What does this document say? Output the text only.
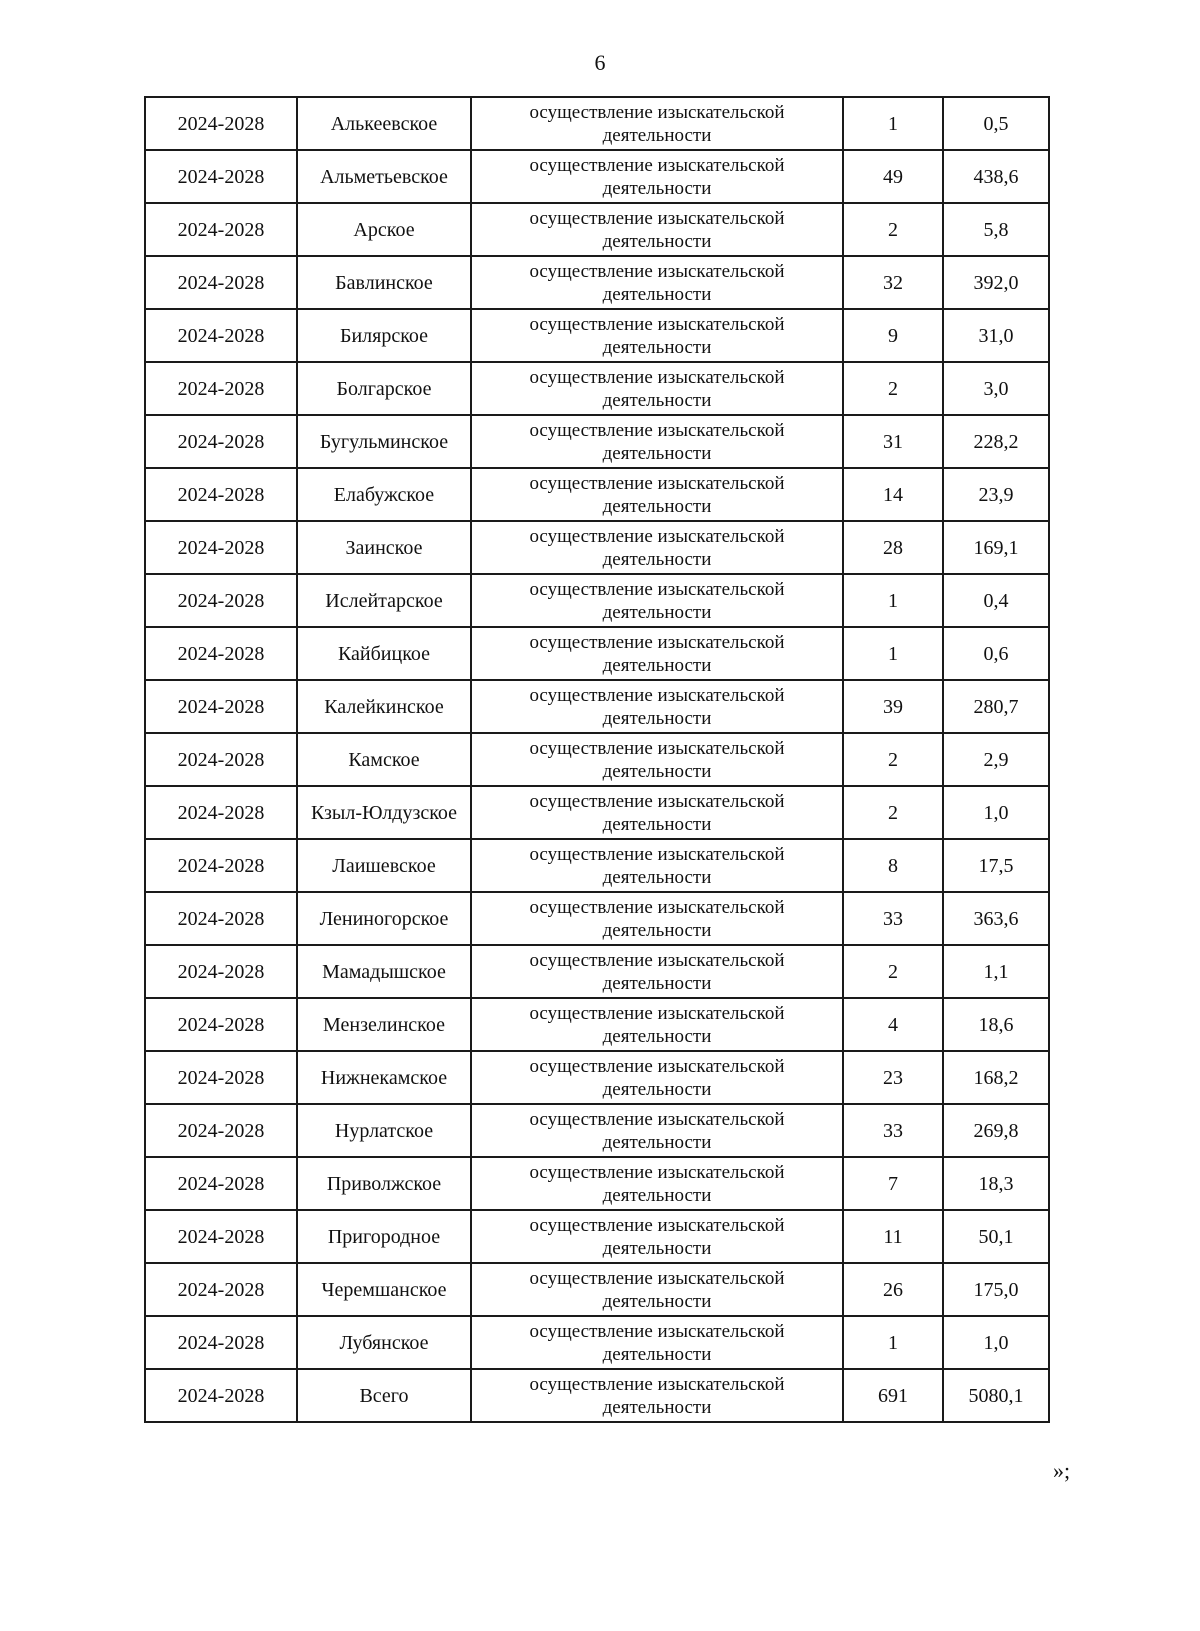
6
2024-2028	Алькеевское	осуществление изыскательской деятельности	1	0,5
2024-2028	Альметьевское	осуществление изыскательской деятельности	49	438,6
2024-2028	Арское	осуществление изыскательской деятельности	2	5,8
2024-2028	Бавлинское	осуществление изыскательской деятельности	32	392,0
2024-2028	Билярское	осуществление изыскательской деятельности	9	31,0
2024-2028	Болгарское	осуществление изыскательской деятельности	2	3,0
2024-2028	Бугульминское	осуществление изыскательской деятельности	31	228,2
2024-2028	Елабужское	осуществление изыскательской деятельности	14	23,9
2024-2028	Заинское	осуществление изыскательской деятельности	28	169,1
2024-2028	Ислейтарское	осуществление изыскательской деятельности	1	0,4
2024-2028	Кайбицкое	осуществление изыскательской деятельности	1	0,6
2024-2028	Калейкинское	осуществление изыскательской деятельности	39	280,7
2024-2028	Камское	осуществление изыскательской деятельности	2	2,9
2024-2028	Кзыл-Юлдузское	осуществление изыскательской деятельности	2	1,0
2024-2028	Лаишевское	осуществление изыскательской деятельности	8	17,5
2024-2028	Лениногорское	осуществление изыскательской деятельности	33	363,6
2024-2028	Мамадышское	осуществление изыскательской деятельности	2	1,1
2024-2028	Мензелинское	осуществление изыскательской деятельности	4	18,6
2024-2028	Нижнекамское	осуществление изыскательской деятельности	23	168,2
2024-2028	Нурлатское	осуществление изыскательской деятельности	33	269,8
2024-2028	Приволжское	осуществление изыскательской деятельности	7	18,3
2024-2028	Пригородное	осуществление изыскательской деятельности	11	50,1
2024-2028	Черемшанское	осуществление изыскательской деятельности	26	175,0
2024-2028	Лубянское	осуществление изыскательской деятельности	1	1,0
2024-2028	Всего	осуществление изыскательской деятельности	691	5080,1
»;
